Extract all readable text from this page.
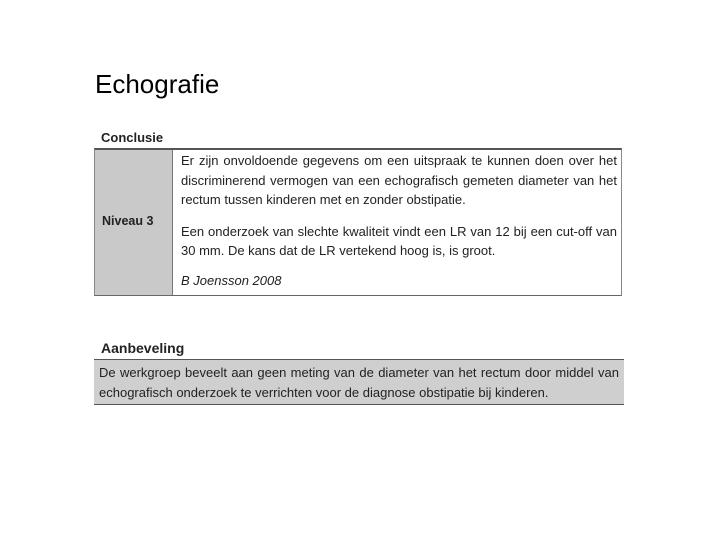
Echografie
Conclusie
Niveau 3

Er zijn onvoldoende gegevens om een uitspraak te kunnen doen over het discriminerend vermogen van een echografisch gemeten diameter van het rectum tussen kinderen met en zonder obstipatie.

Een onderzoek van slechte kwaliteit vindt een LR van 12 bij een cut-off van 30 mm. De kans dat de LR vertekend hoog is, is groot.

B Joensson 2008

Aanbeveling
De werkgroep beveelt aan geen meting van de diameter van het rectum door middel van echografisch onderzoek te verrichten voor de diagnose obstipatie bij kinderen.
